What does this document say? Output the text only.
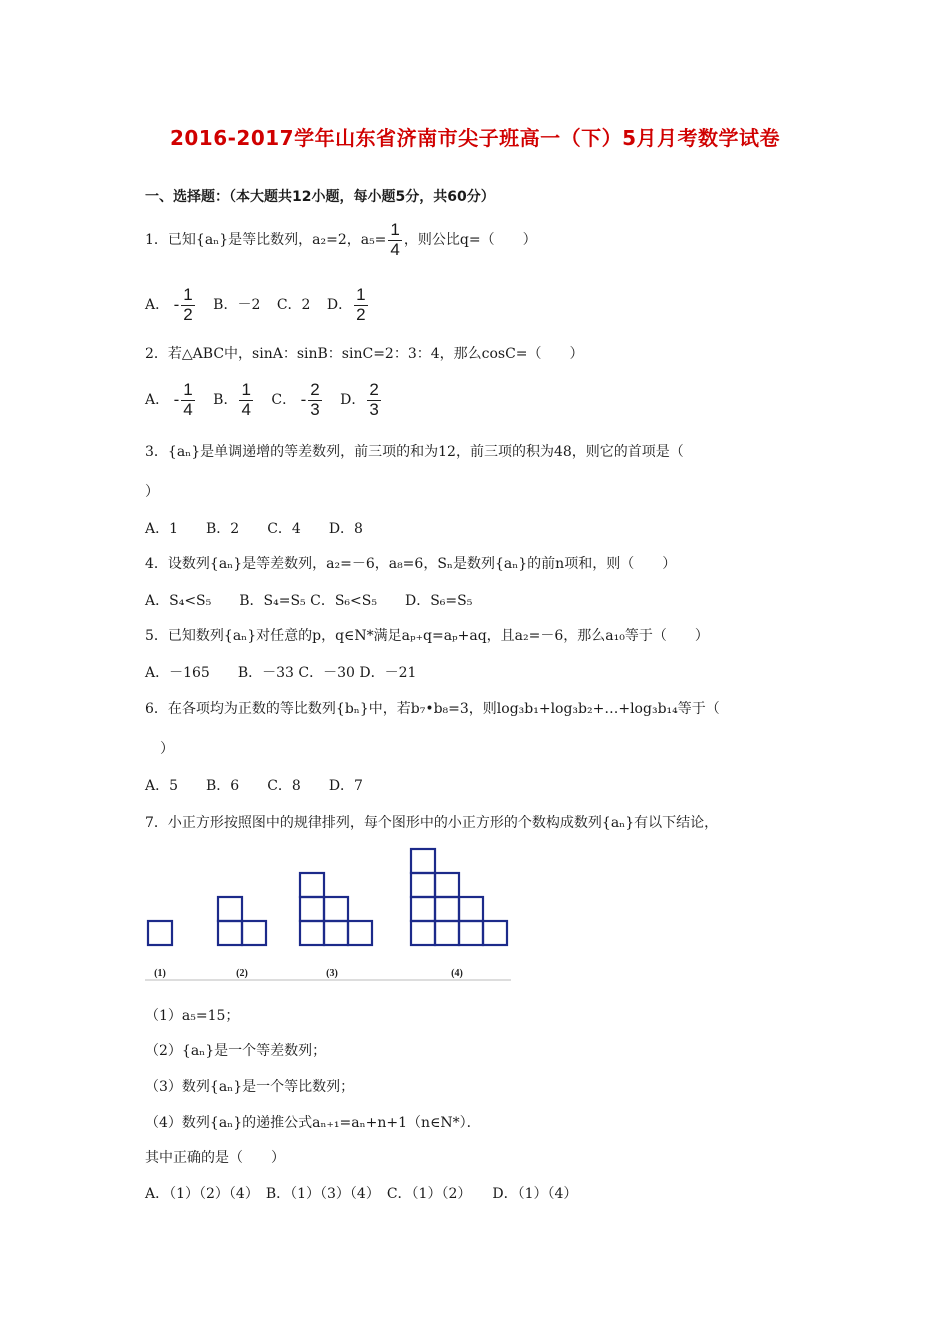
2016-2017学年山东省济南市尖子班高一（下）5月月考数学试卷
一、选择题：（本大题共12小题，每小题5分，共60分）
1．已知{aₙ}是等比数列，a₂=2，$a_5= \frac{1}{4}$ ，则公比q=（　　）
A． - $\frac{1}{2}$ B．－2 C．2 D． $\frac{1}{2}$
2．若△ABC中，sinA：sinB：sinC=2：3：4，那么cosC=（　　）
A． - $\frac{1}{4}$ B． $\frac{1}{4}$ C． - $\frac{2}{3}$ D． $\frac{2}{3}$
3．{aₙ}是单调递增的等差数列，前三项的和为12，前三项的积为48，则它的首项是（
）
A．1　　B．2　　C．4　　D．8
4．设数列{aₙ}是等差数列，a₂=－6，a₈=6，Sₙ是数列{aₙ}的前n项和，则（　　）
A．S₄<S₅　　B．S₄=S₅ C．S₆<S₅　　D．S₆=S₅
5．已知数列{aₙ}对任意的p，q∈N*满足aₚ₊q=aₚ+aq，且a₂=－6，那么a₁₀等于（　　）
A．－165　　B．－33 C．－30 D．－21
6．在各项均为正数的等比数列{bₙ}中，若b₇•b₈=3，则log₃b₁+log₃b₂+…+log₃b₁₄等于（
）
A．5　　B．6　　C．8　　D．7
7．小正方形按照图中的规律排列，每个图形中的小正方形的个数构成数列{aₙ}有以下结论，
(1)	(2)	(3)	(4)
（1）a₅=15；
（2）{aₙ}是一个等差数列；
（3）数列{aₙ}是一个等比数列；
（4）数列{aₙ}的递推公式aₙ₊₁=aₙ+n+1（n∈N*）．
其中正确的是（　　）
A．（1）（2）（4）　B．（1）（3）（4）　C．（1）（2）　　D．（1）（4）
